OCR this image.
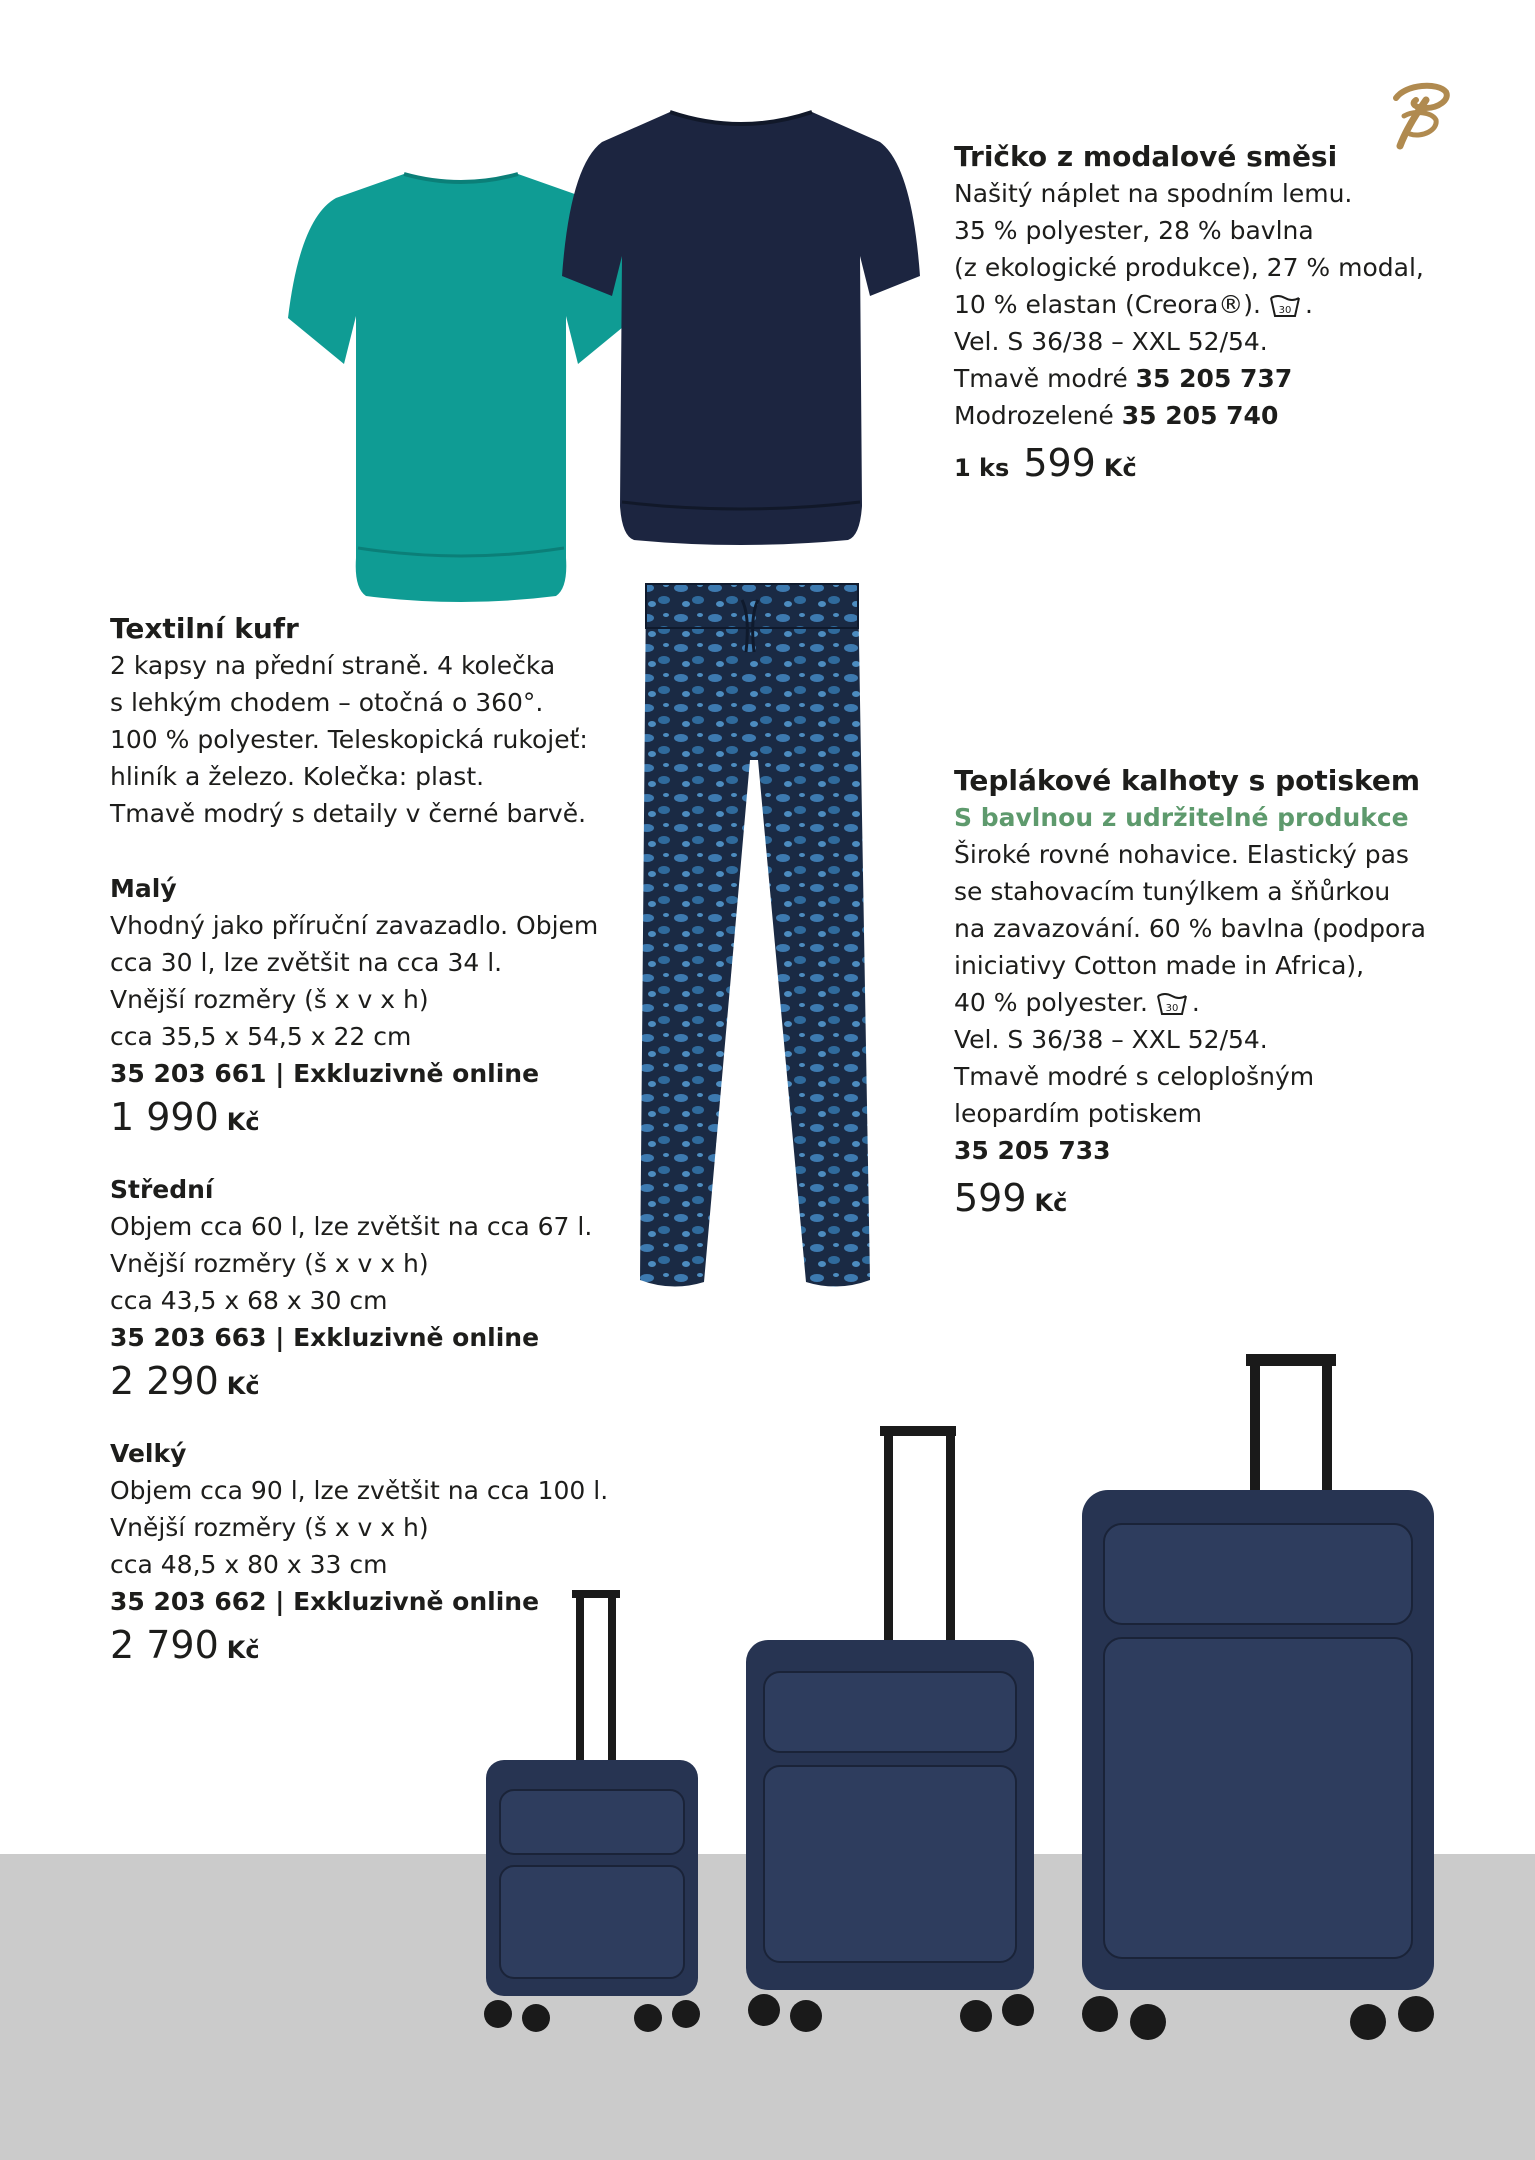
Tričko z modalové směsi
Našitý náplet na spodním lemu.
35 % polyester, 28 % bavlna
(z ekologické produkce), 27 % modal,
10 % elastan (Creora®). 30 .
Vel. S 36/38 – XXL 52/54.
Tmavě modré 35 205 737
Modrozelené 35 205 740
1 ks 599 Kč
Teplákové kalhoty s potiskem
S bavlnou z udržitelné produkce
Široké rovné nohavice. Elastický pas
se stahovacím tunýlkem a šňůrkou
na zavazování. 60 % bavlna (podpora
iniciativy Cotton made in Africa),
40 % polyester. 30 .
Vel. S 36/38 – XXL 52/54.
Tmavě modré s celoplošným
leopardím potiskem
35 205 733
599 Kč
Textilní kufr
2 kapsy na přední straně. 4 kolečka
s lehkým chodem – otočná o 360°.
100 % polyester. Teleskopická rukojeť:
hliník a železo. Kolečka: plast.
Tmavě modrý s detaily v černé barvě.
Malý
Vhodný jako příruční zavazadlo. Objem
cca 30 l, lze zvětšit na cca 34 l.
Vnější rozměry (š x v x h)
cca 35,5 x 54,5 x 22 cm
35 203 661 | Exkluzivně online
1 990 Kč
Střední
Objem cca 60 l, lze zvětšit na cca 67 l.
Vnější rozměry (š x v x h)
cca 43,5 x 68 x 30 cm
35 203 663 | Exkluzivně online
2 290 Kč
Velký
Objem cca 90 l, lze zvětšit na cca 100 l.
Vnější rozměry (š x v x h)
cca 48,5 x 80 x 33 cm
35 203 662 | Exkluzivně online
2 790 Kč
